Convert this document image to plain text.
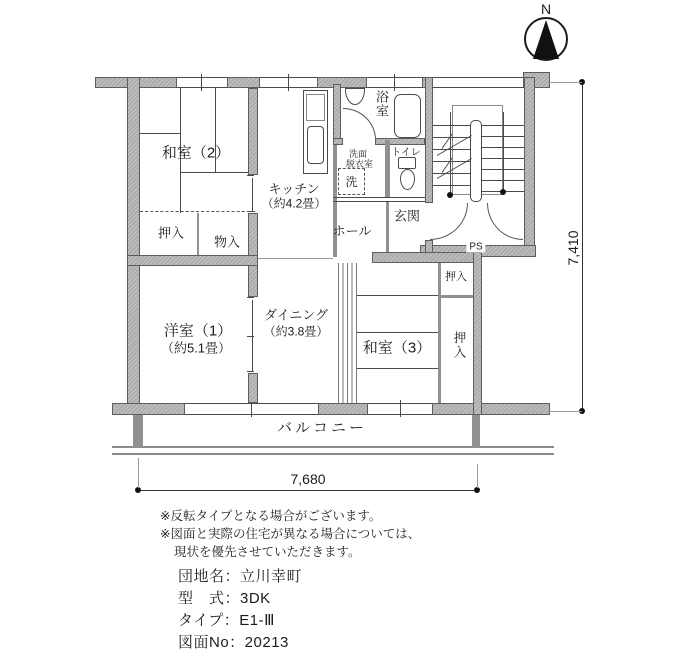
N
洗
7,410
7,680
和室（2）
押入
物入
キッチン
（約4.2畳）
浴室
洗面
脱衣室
トイレ
玄関
ホール
PS
和室（3）
押入
押入
ダイニング
（約3.8畳）
洋室（1）
（約5.1畳）
バルコニー
※反転タイプとなる場合がございます。
※図面と実際の住宅が異なる場合については、
現状を優先させていただきます。
団地名：立川幸町
型　式：3DK
タイプ：E1-Ⅲ
図面No：20213
